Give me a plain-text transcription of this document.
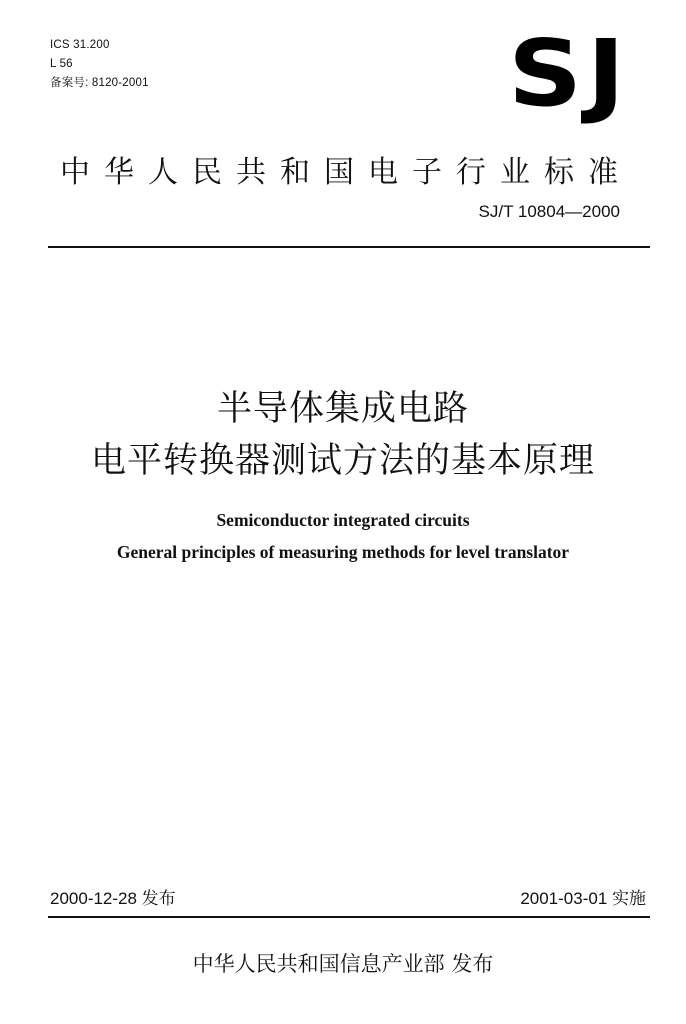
ICS 31.200
L 56
备案号: 8120-2001	SJ
中华人民共和国电子行业标准
SJ/T 10804—2000
半导体集成电路
电平转换器测试方法的基本原理
Semiconductor integrated circuits
General principles of measuring methods for level translator
2000-12-28 发布	2001-03-01 实施
中华人民共和国信息产业部 发布
